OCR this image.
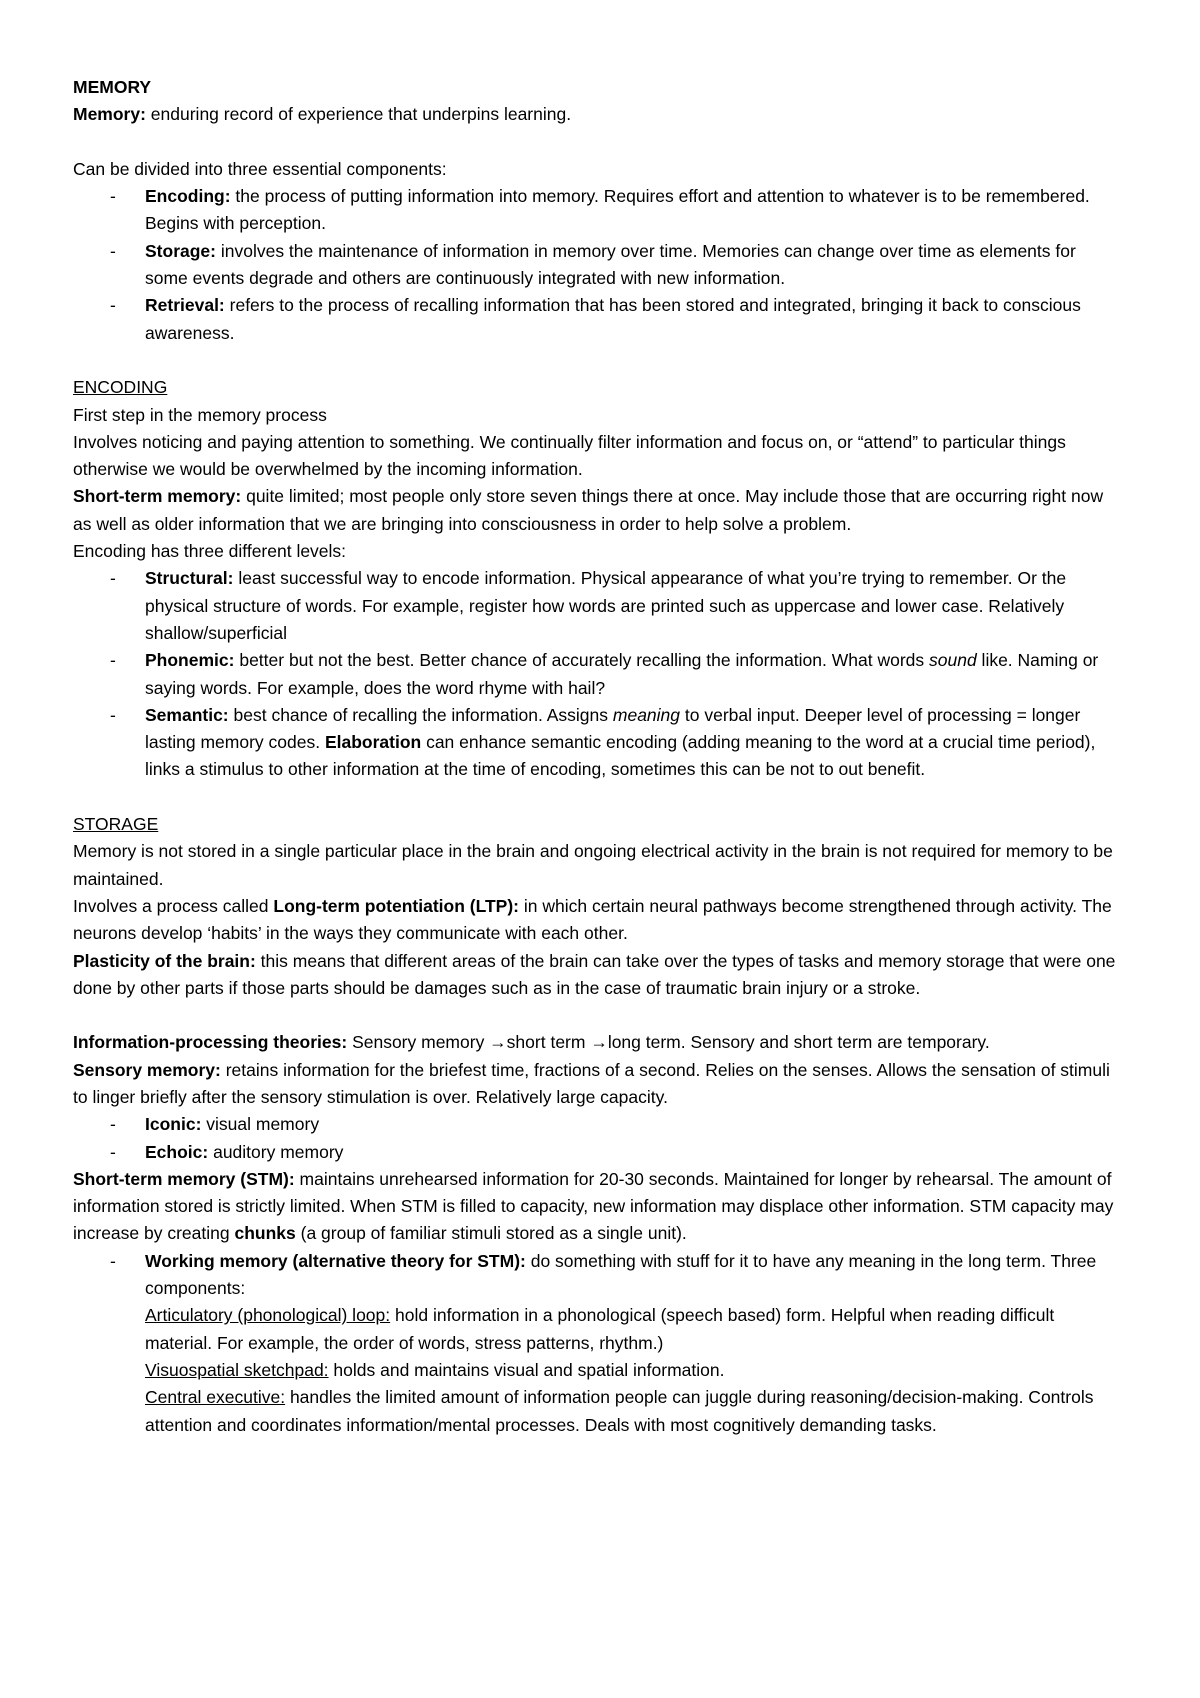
MEMORY

Memory: enduring record of experience that underpins learning.

Can be divided into three essential components:

- Encoding: the process of putting information into memory. Requires effort and attention to whatever is to be remembered. Begins with perception.
- Storage: involves the maintenance of information in memory over time. Memories can change over time as elements for some events degrade and others are continuously integrated with new information.
- Retrieval: refers to the process of recalling information that has been stored and integrated, bringing it back to conscious awareness.

ENCODING

First step in the memory process

Involves noticing and paying attention to something. We continually filter information and focus on, or “attend” to particular things otherwise we would be overwhelmed by the incoming information.

Short-term memory: quite limited; most people only store seven things there at once. May include those that are occurring right now as well as older information that we are bringing into consciousness in order to help solve a problem.

Encoding has three different levels:

- Structural: least successful way to encode information. Physical appearance of what you’re trying to remember. Or the physical structure of words. For example, register how words are printed such as uppercase and lower case. Relatively shallow/superficial
- Phonemic: better but not the best. Better chance of accurately recalling the information. What words sound like. Naming or saying words. For example, does the word rhyme with hail?
- Semantic: best chance of recalling the information. Assigns meaning to verbal input. Deeper level of processing = longer lasting memory codes. Elaboration can enhance semantic encoding (adding meaning to the word at a crucial time period), links a stimulus to other information at the time of encoding, sometimes this can be not to out benefit.

STORAGE

Memory is not stored in a single particular place in the brain and ongoing electrical activity in the brain is not required for memory to be maintained.

Involves a process called Long-term potentiation (LTP): in which certain neural pathways become strengthened through activity. The neurons develop ‘habits’ in the ways they communicate with each other.

Plasticity of the brain: this means that different areas of the brain can take over the types of tasks and memory storage that were one done by other parts if those parts should be damages such as in the case of traumatic brain injury or a stroke.

Information-processing theories: Sensory memory →short term →long term. Sensory and short term are temporary.

Sensory memory: retains information for the briefest time, fractions of a second. Relies on the senses. Allows the sensation of stimuli to linger briefly after the sensory stimulation is over. Relatively large capacity.

- Iconic: visual memory
- Echoic: auditory memory

Short-term memory (STM): maintains unrehearsed information for 20-30 seconds. Maintained for longer by rehearsal. The amount of information stored is strictly limited. When STM is filled to capacity, new information may displace other information. STM capacity may increase by creating chunks (a group of familiar stimuli stored as a single unit).

- Working memory (alternative theory for STM): do something with stuff for it to have any meaning in the long term. Three components:
Articulatory (phonological) loop: hold information in a phonological (speech based) form. Helpful when reading difficult material. For example, the order of words, stress patterns, rhythm.)
Visuospatial sketchpad: holds and maintains visual and spatial information.
Central executive: handles the limited amount of information people can juggle during reasoning/decision-making. Controls attention and coordinates information/mental processes. Deals with most cognitively demanding tasks.
